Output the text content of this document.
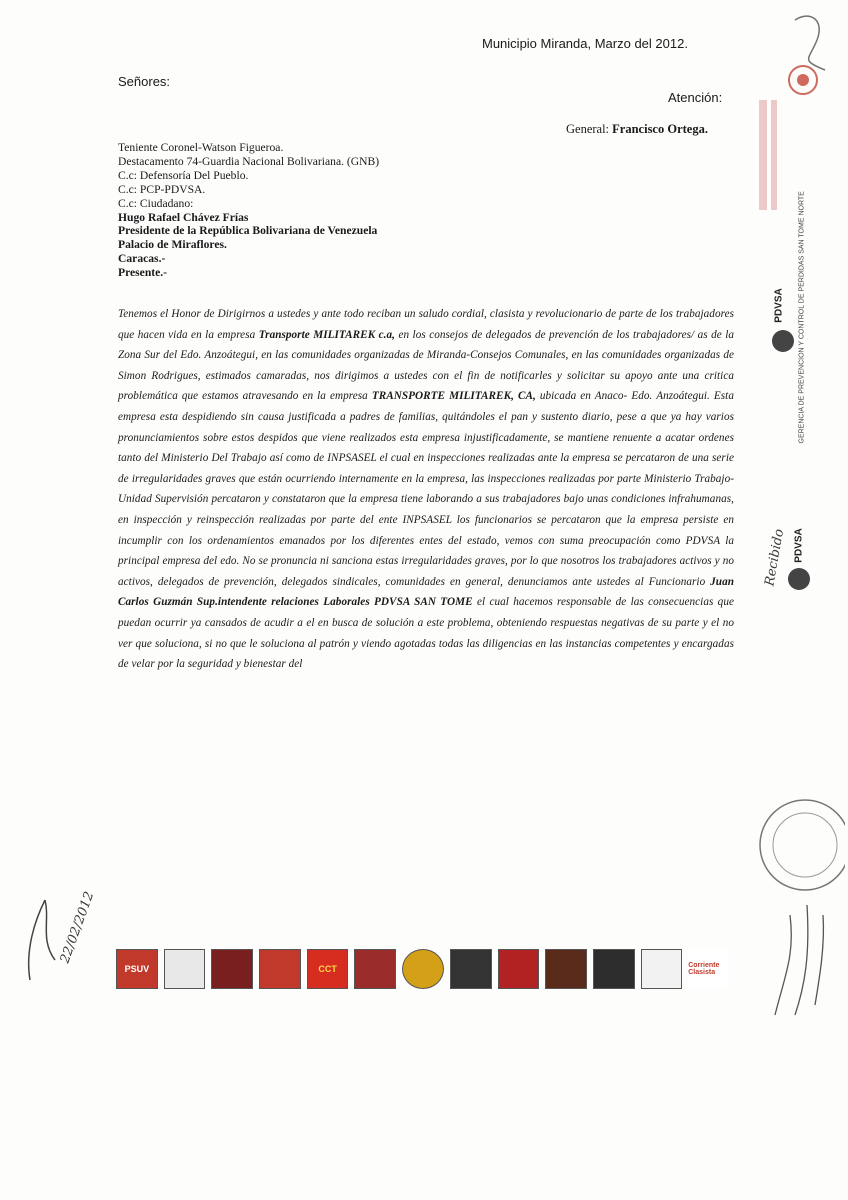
Municipio Miranda, Marzo del 2012.
Señores:
Atención:
General: Francisco Ortega.
Teniente Coronel-Watson Figueroa.
Destacamento 74-Guardia Nacional Bolivariana. (GNB)
C.c: Defensoría Del Pueblo.
C.c: PCP-PDVSA.
C.c: Ciudadano:
Hugo Rafael Chávez Frías
Presidente de la República Bolivariana de Venezuela
Palacio de Miraflores.
Caracas.-
Presente.-
Tenemos el Honor de Dirigirnos a ustedes y ante todo reciban un saludo cordial, clasista y revolucionario de parte de los trabajadores que hacen vida en la empresa Transporte MILITAREK c.a, en los consejos de delegados de prevención de los trabajadores/ as de la Zona Sur del Edo. Anzoátegui, en las comunidades organizadas de Miranda-Consejos Comunales, en las comunidades organizadas de Simon Rodrigues, estimados camaradas, nos dirigimos a ustedes con el fin de notificarles y solicitar su apoyo ante una critica problemática que estamos atravesando en la empresa TRANSPORTE MILITAREK, CA, ubicada en Anaco- Edo. Anzoátegui. Esta empresa esta despidiendo sin causa justificada a padres de familias, quitándoles el pan y sustento diario, pese a que ya hay varios pronunciamientos sobre estos despidos que viene realizados esta empresa injustificadamente, se mantiene renuente a acatar ordenes tanto del Ministerio Del Trabajo así como de INPSASEL el cual en inspecciones realizadas ante la empresa se percataron de una serie de irregularidades graves que están ocurriendo internamente en la empresa, las inspecciones realizadas por parte Ministerio Trabajo-Unidad Supervisión percataron y constataron que la empresa tiene laborando a sus trabajadores bajo unas condiciones infrahumanas, en inspección y reinspección realizadas por parte del ente INPSASEL los funcionarios se percataron que la empresa persiste en incumplir con los ordenamientos emanados por los diferentes entes del estado, vemos con suma preocupación como PDVSA la principal empresa del edo. No se pronuncia ni sanciona estas irregularidades graves, por lo que nosotros los trabajadores activos y no activos, delegados de prevención, delegados sindicales, comunidades en general, denunciamos ante ustedes al Funcionario Juan Carlos Guzmán Sup.intendente relaciones Laborales PDVSA SAN TOME el cual hacemos responsable de las consecuencias que puedan ocurrir ya cansados de acudir a el en busca de solución a este problema, obteniendo respuestas negativas de su parte y el no ver que soluciona, si no que le soluciona al patrón y viendo agotadas todas las diligencias en las instancias competentes y encargadas de velar por la seguridad y bienestar del
PSUV	CCT	Corriente Clasista
PDVSA GERENCIA DE PREVENCION Y CONTROL DE PERDIDAS SAN TOME NORTE
PDVSA
Recibido
22/02/2012
